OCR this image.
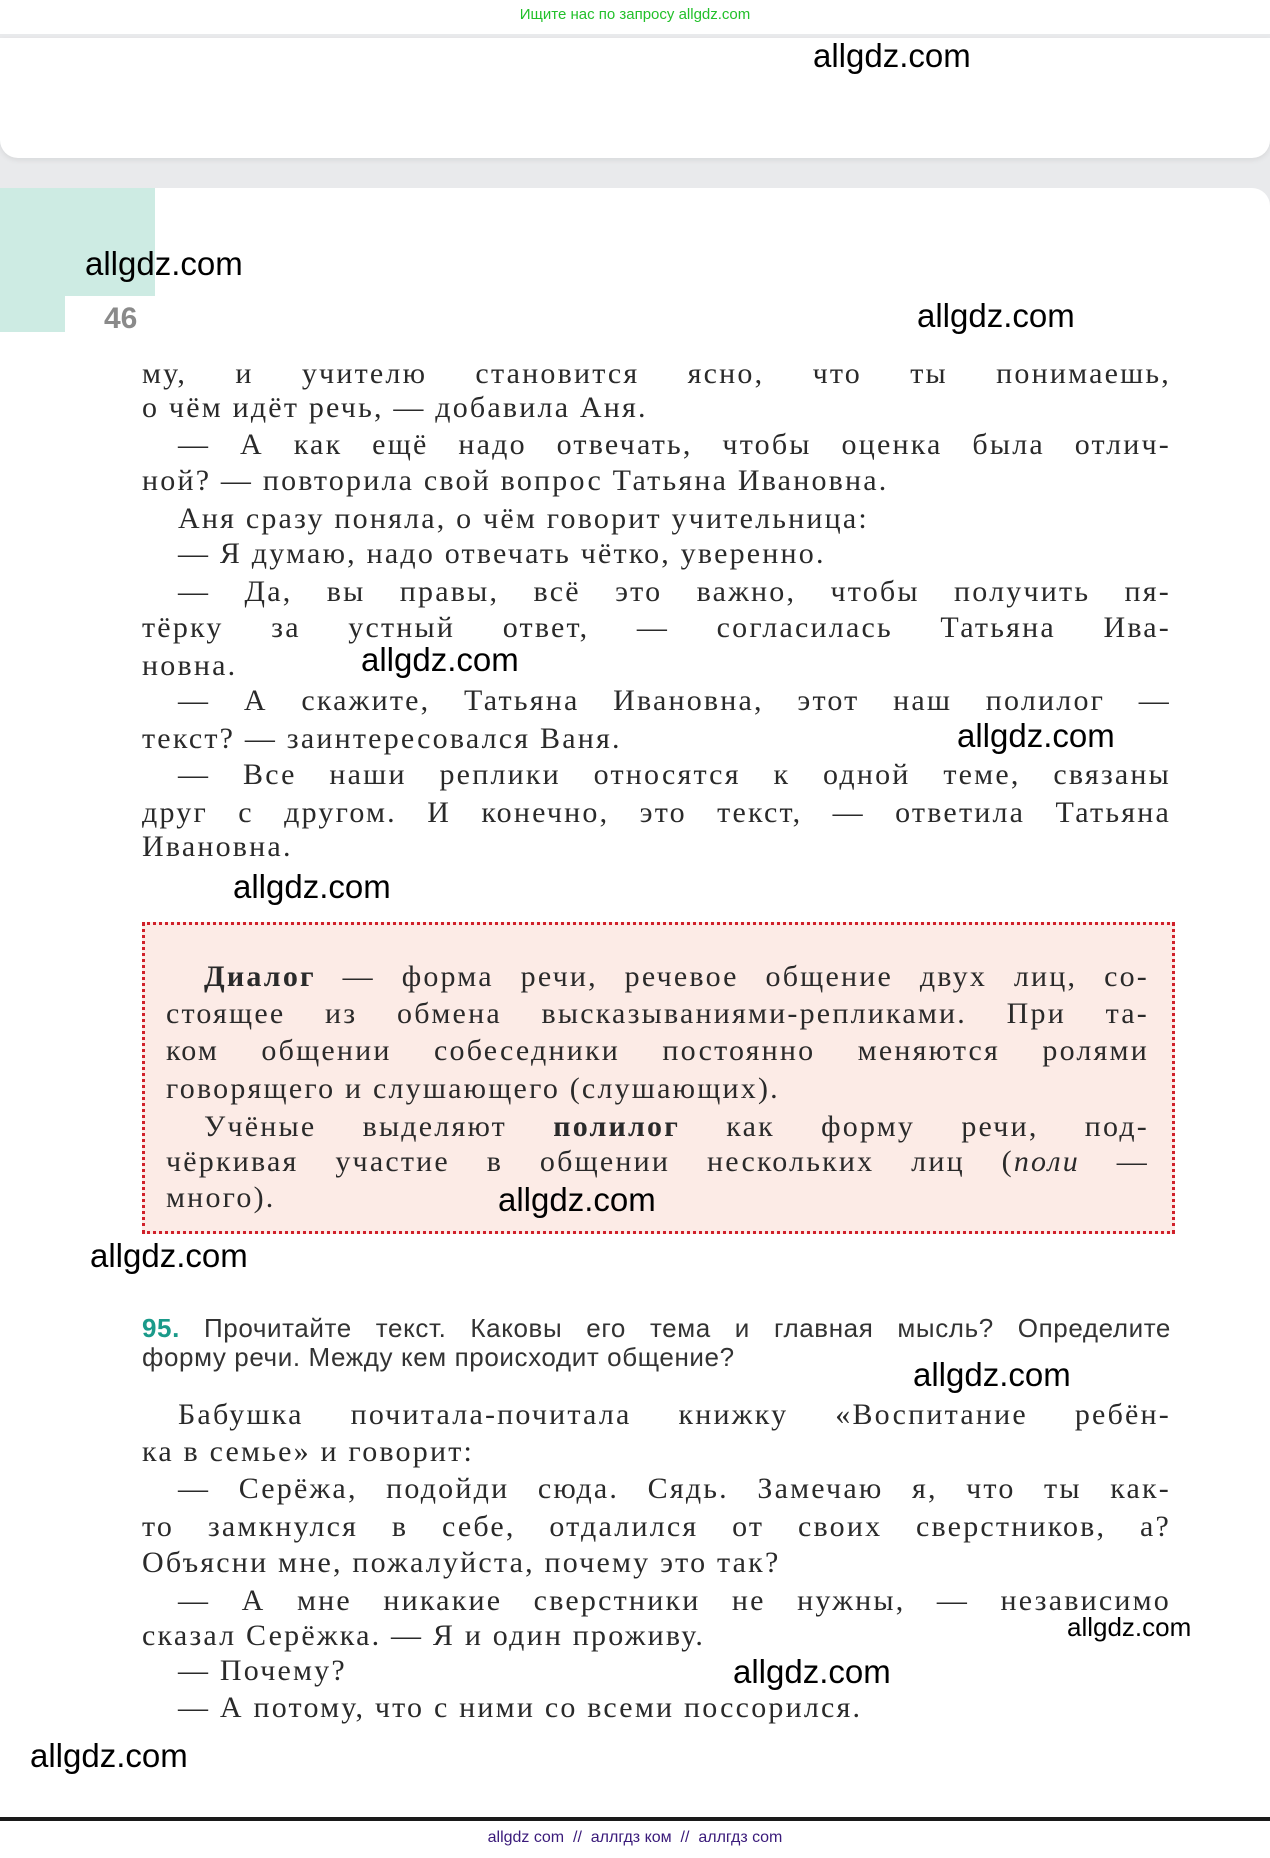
Ищите нас по запросу allgdz.com
46
му, и учителю становится ясно, что ты понимаешь,
о чём идёт речь, — добавила Аня.
— А как ещё надо отвечать, чтобы оценка была отлич-
ной? — повторила свой вопрос Татьяна Ивановна.
Аня сразу поняла, о чём говорит учительница:
— Я думаю, надо отвечать чётко, уверенно.
— Да, вы правы, всё это важно, чтобы получить пя-
тёрку за устный ответ, — согласилась Татьяна Ива-
новна.
— А скажите, Татьяна Ивановна, этот наш полилог —
текст? — заинтересовался Ваня.
— Все наши реплики относятся к одной теме, связаны
друг с другом. И конечно, это текст, — ответила Татьяна
Ивановна.
Диалог — форма речи, речевое общение двух лиц, со-
стоящее из обмена высказываниями-репликами. При та-
ком общении собеседники постоянно меняются ролями
говорящего и слушающего (слушающих).
Учёные выделяют полилог как форму речи, под-
чёркивая участие в общении нескольких лиц (поли —
много).
95. Прочитайте текст. Каковы его тема и главная мысль? Определите
форму речи. Между кем происходит общение?
Бабушка почитала-почитала книжку «Воспитание ребён-
ка в семье» и говорит:
— Серёжа, подойди сюда. Сядь. Замечаю я, что ты как-
то замкнулся в себе, отдалился от своих сверстников, а?
Объясни мне, пожалуйста, почему это так?
— А мне никакие сверстники не нужны, — независимо
сказал Серёжка. — Я и один проживу.
— Почему?
— А потому, что с ними со всеми поссорился.
allgdz.com
allgdz.com
allgdz.com
allgdz.com
allgdz.com
allgdz.com
allgdz.com
allgdz.com
allgdz.com
allgdz.com
allgdz.com
allgdz.com
allgdz com  //  аллгдз ком  //  аллгдз com
